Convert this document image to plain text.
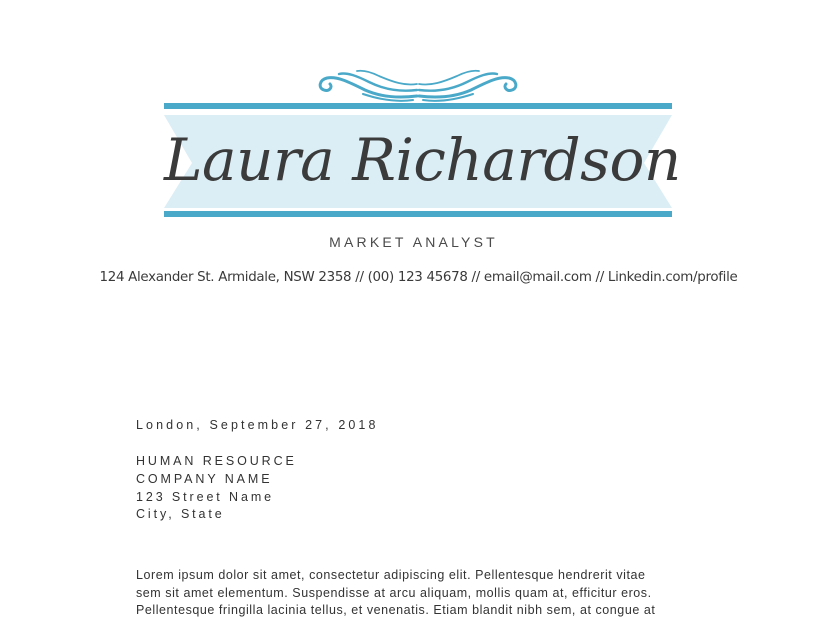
Laura Richardson
MARKET ANALYST
124 Alexander St. Armidale, NSW 2358 // (00) 123 45678 // email@mail.com // Linkedin.com/profile
London, September 27, 2018
HUMAN RESOURCE
COMPANY NAME
123 Street Name
City, State
Lorem ipsum dolor sit amet, consectetur adipiscing elit. Pellentesque hendrerit vitae
sem sit amet elementum. Suspendisse at arcu aliquam, mollis quam at, efficitur eros.
Pellentesque fringilla lacinia tellus, et venenatis. Etiam blandit nibh sem, at congue at
